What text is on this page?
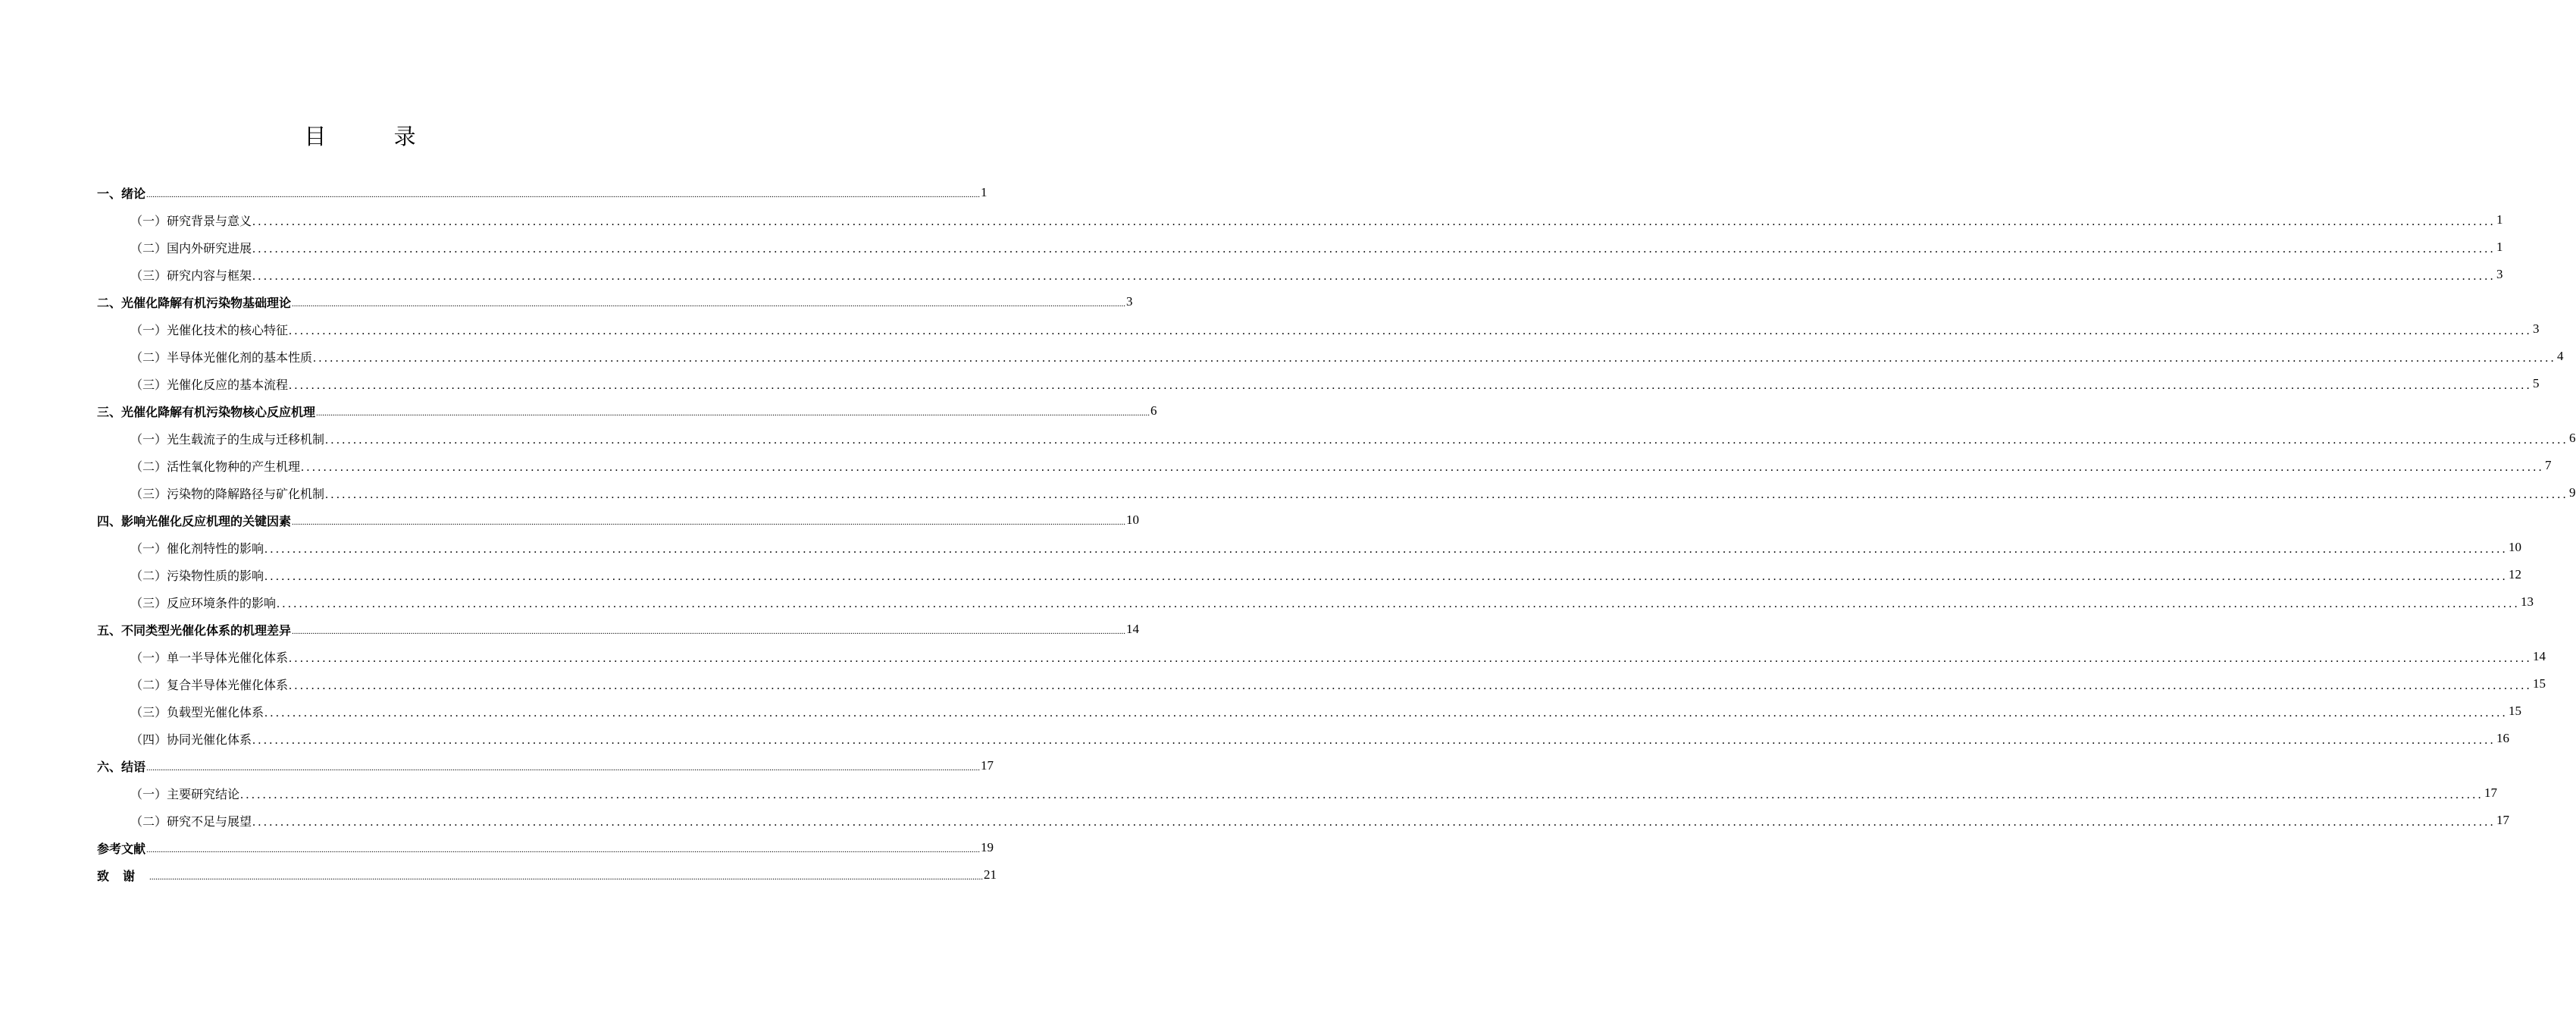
目 录
一、绪论 ................................................................................................................................................................................................................................................................................................................................................................................................................ 1
（一）研究背景与意义 ................................................................................................................................................................................................................................................................................................................................................................................................................ 1
（二）国内外研究进展 ................................................................................................................................................................................................................................................................................................................................................................................................................ 1
（三）研究内容与框架 ................................................................................................................................................................................................................................................................................................................................................................................................................ 3
二、光催化降解有机污染物基础理论 ................................................................................................................................................................................................................................................................................................................................................................................................................ 3
（一）光催化技术的核心特征 ................................................................................................................................................................................................................................................................................................................................................................................................................ 3
（二）半导体光催化剂的基本性质 ................................................................................................................................................................................................................................................................................................................................................................................................................ 4
（三）光催化反应的基本流程 ................................................................................................................................................................................................................................................................................................................................................................................................................ 5
三、光催化降解有机污染物核心反应机理 ................................................................................................................................................................................................................................................................................................................................................................................................................ 6
（一）光生载流子的生成与迁移机制 ................................................................................................................................................................................................................................................................................................................................................................................................................ 6
（二）活性氧化物种的产生机理 ................................................................................................................................................................................................................................................................................................................................................................................................................ 7
（三）污染物的降解路径与矿化机制 ................................................................................................................................................................................................................................................................................................................................................................................................................ 9
四、影响光催化反应机理的关键因素 ................................................................................................................................................................................................................................................................................................................................................................................................................ 10
（一）催化剂特性的影响 ................................................................................................................................................................................................................................................................................................................................................................................................................ 10
（二）污染物性质的影响 ................................................................................................................................................................................................................................................................................................................................................................................................................ 12
（三）反应环境条件的影响 ................................................................................................................................................................................................................................................................................................................................................................................................................ 13
五、不同类型光催化体系的机理差异 ................................................................................................................................................................................................................................................................................................................................................................................................................ 14
（一）单一半导体光催化体系 ................................................................................................................................................................................................................................................................................................................................................................................................................ 14
（二）复合半导体光催化体系 ................................................................................................................................................................................................................................................................................................................................................................................................................ 15
（三）负载型光催化体系 ................................................................................................................................................................................................................................................................................................................................................................................................................ 15
（四）协同光催化体系 ................................................................................................................................................................................................................................................................................................................................................................................................................ 16
六、结语 ................................................................................................................................................................................................................................................................................................................................................................................................................ 17
（一）主要研究结论 ................................................................................................................................................................................................................................................................................................................................................................................................................ 17
（二）研究不足与展望 ................................................................................................................................................................................................................................................................................................................................................................................................................ 17
参考文献 ................................................................................................................................................................................................................................................................................................................................................................................................................ 19
致谢 ................................................................................................................................................................................................................................................................................................................................................................................................................ 21
